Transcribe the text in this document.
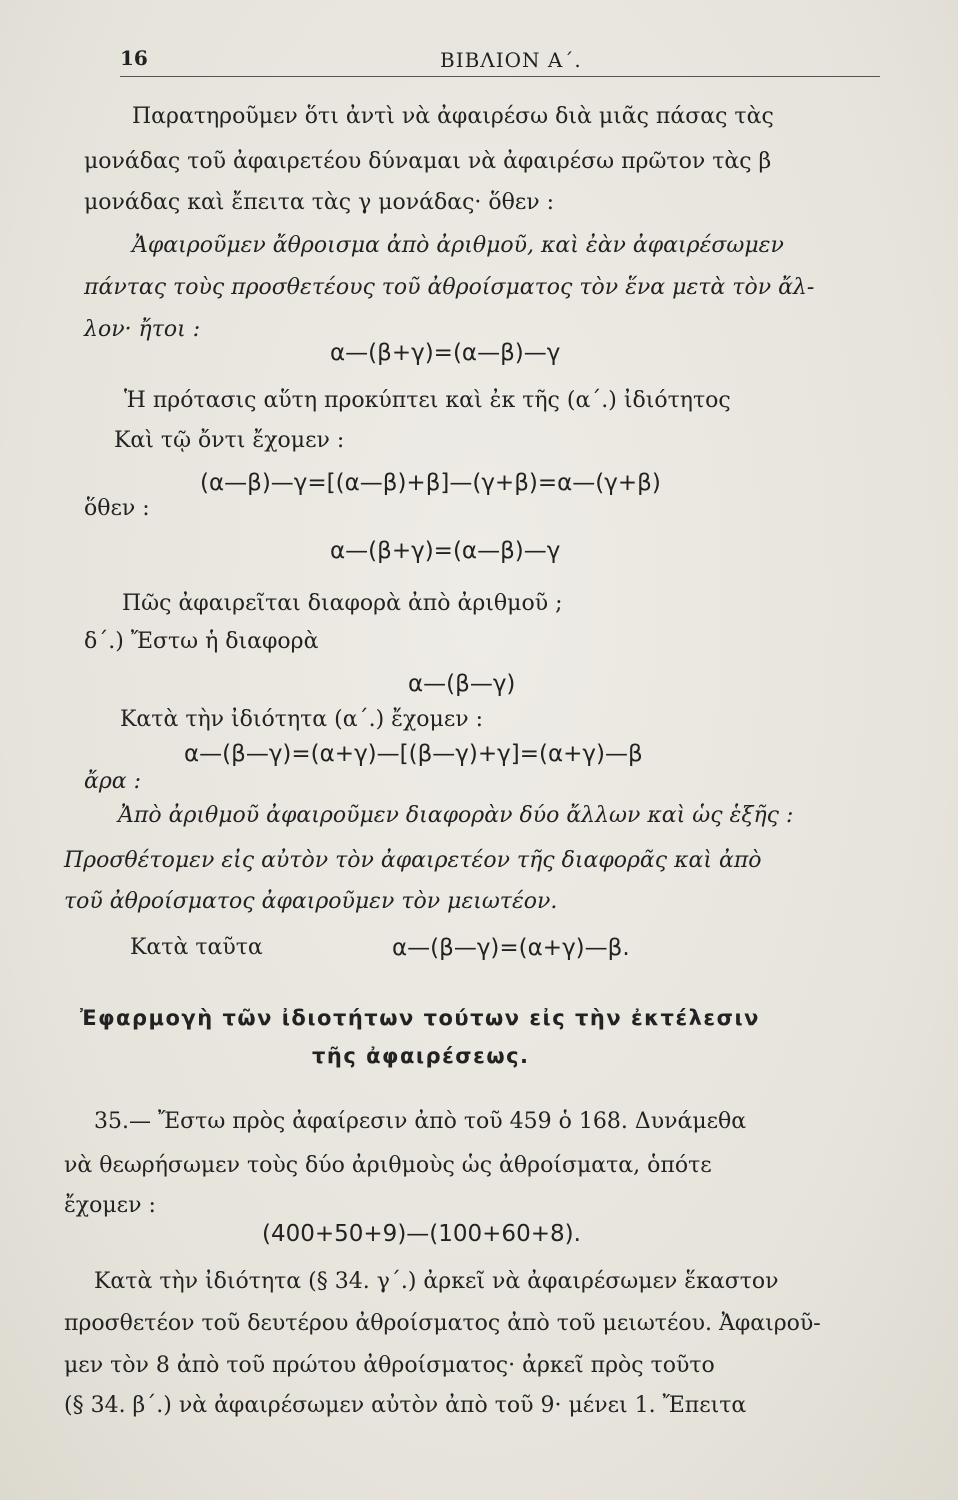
16	ΒΙΒΛΙΟΝ Α΄.
Παρατηροῦμεν ὅτι ἀντὶ νὰ ἀφαιρέσω διὰ μιᾶς πάσας τὰς
μονάδας τοῦ ἀφαιρετέου δύναμαι νὰ ἀφαιρέσω πρῶτον τὰς β
μονάδας καὶ ἔπειτα τὰς γ μονάδας· ὅθεν :
Ἀφαιροῦμεν ἄθροισμα ἀπὸ ἀριθμοῦ, καὶ ἐὰν ἀφαιρέσωμεν
πάντας τοὺς προσθετέους τοῦ ἀθροίσματος τὸν ἕνα μετὰ τὸν ἄλ-
λον· ἤτοι :
α—(β+γ)=(α—β)—γ
Ἡ πρότασις αὕτη προκύπτει καὶ ἐκ τῆς (α΄.) ἰδιότητος
Καὶ τῷ ὄντι ἔχομεν :
(α—β)—γ=[(α—β)+β]—(γ+β)=α—(γ+β)
ὅθεν :
α—(β+γ)=(α—β)—γ
Πῶς ἀφαιρεῖται διαφορὰ ἀπὸ ἀριθμοῦ ;
δ΄.) Ἔστω ἡ διαφορὰ
α—(β—γ)
Κατὰ τὴν ἰδιότητα (α΄.) ἔχομεν :
α—(β—γ)=(α+γ)—[(β—γ)+γ]=(α+γ)—β
ἄρα :
Ἀπὸ ἀριθμοῦ ἀφαιροῦμεν διαφορὰν δύο ἄλλων καὶ ὡς ἑξῆς :
Προσθέτομεν εἰς αὐτὸν τὸν ἀφαιρετέον τῆς διαφορᾶς καὶ ἀπὸ
τοῦ ἀθροίσματος ἀφαιροῦμεν τὸν μειωτέον.
Κατὰ ταῦτα	α—(β—γ)=(α+γ)—β.
Ἐφαρμογὴ τῶν ἰδιοτήτων τούτων εἰς τὴν ἐκτέλεσιν
τῆς ἀφαιρέσεως.
35.— Ἔστω πρὸς ἀφαίρεσιν ἀπὸ τοῦ 459 ὁ 168. Δυνάμεθα
νὰ θεωρήσωμεν τοὺς δύο ἀριθμοὺς ὡς ἀθροίσματα, ὁπότε
ἔχομεν :
(400+50+9)—(100+60+8).
Κατὰ τὴν ἰδιότητα (§ 34. γ΄.) ἀρκεῖ νὰ ἀφαιρέσωμεν ἕκαστον
προσθετέον τοῦ δευτέρου ἀθροίσματος ἀπὸ τοῦ μειωτέου. Ἀφαιροῦ-
μεν τὸν 8 ἀπὸ τοῦ πρώτου ἀθροίσματος· ἀρκεῖ πρὸς τοῦτο
(§ 34. β΄.) νὰ ἀφαιρέσωμεν αὐτὸν ἀπὸ τοῦ 9· μένει 1. Ἔπειτα
